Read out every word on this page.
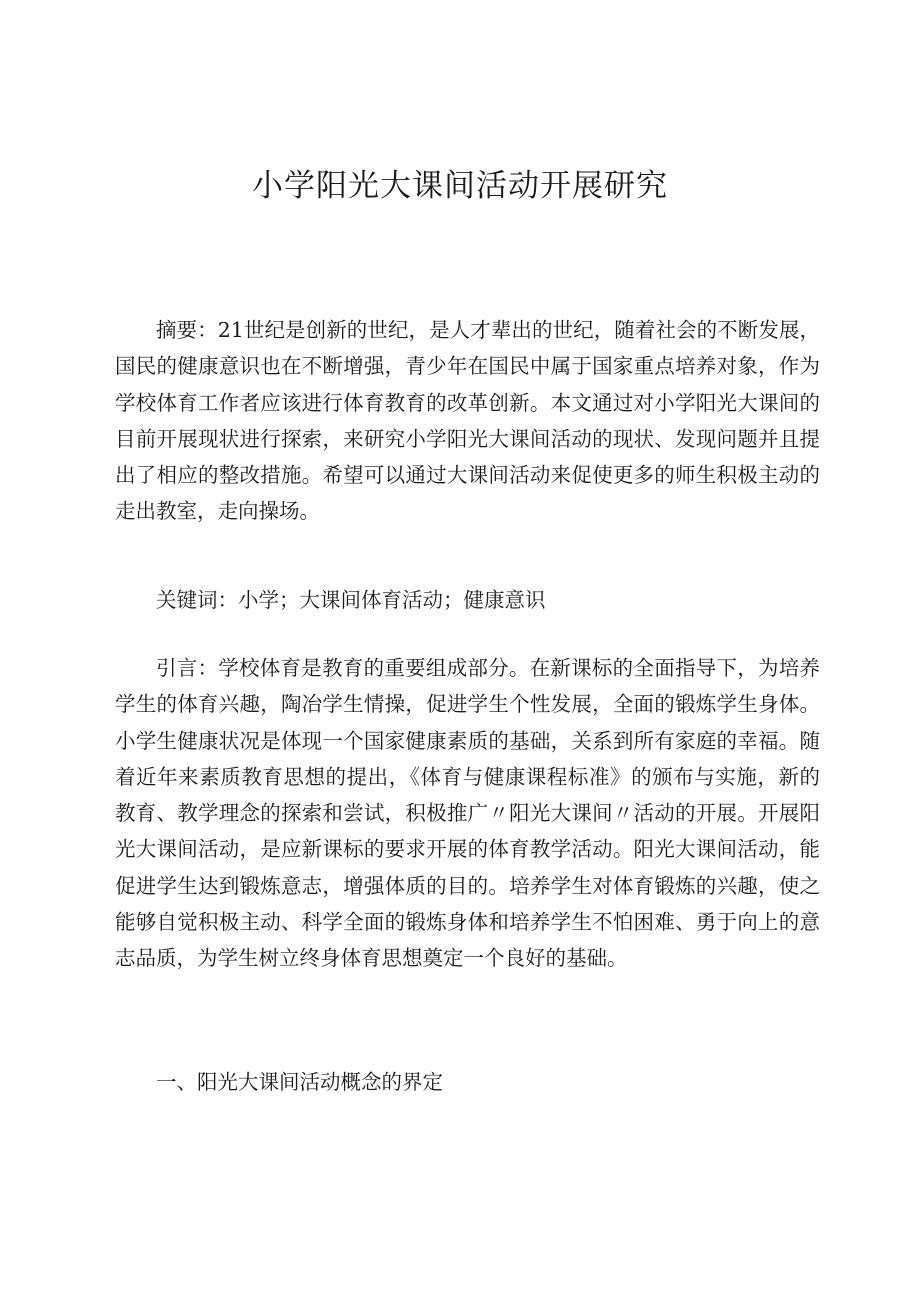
小学阳光大课间活动开展研究

摘要：21世纪是创新的世纪，是人才辈出的世纪，随着社会的不断发展，国民的健康意识也在不断增强，青少年在国民中属于国家重点培养对象，作为学校体育工作者应该进行体育教育的改革创新。本文通过对小学阳光大课间的目前开展现状进行探索，来研究小学阳光大课间活动的现状、发现问题并且提出了相应的整改措施。希望可以通过大课间活动来促使更多的师生积极主动的走出教室，走向操场。

关键词：小学；大课间体育活动；健康意识

引言：学校体育是教育的重要组成部分。在新课标的全面指导下，为培养学生的体育兴趣，陶冶学生情操，促进学生个性发展，全面的锻炼学生身体。小学生健康状况是体现一个国家健康素质的基础，关系到所有家庭的幸福。随着近年来素质教育思想的提出，《体育与健康课程标准》的颁布与实施，新的教育、教学理念的探索和尝试，积极推广〃阳光大课间〃活动的开展。开展阳光大课间活动，是应新课标的要求开展的体育教学活动。阳光大课间活动，能促进学生达到锻炼意志，增强体质的目的。培养学生对体育锻炼的兴趣，使之能够自觉积极主动、科学全面的锻炼身体和培养学生不怕困难、勇于向上的意志品质，为学生树立终身体育思想奠定一个良好的基础。

一、阳光大课间活动概念的界定
